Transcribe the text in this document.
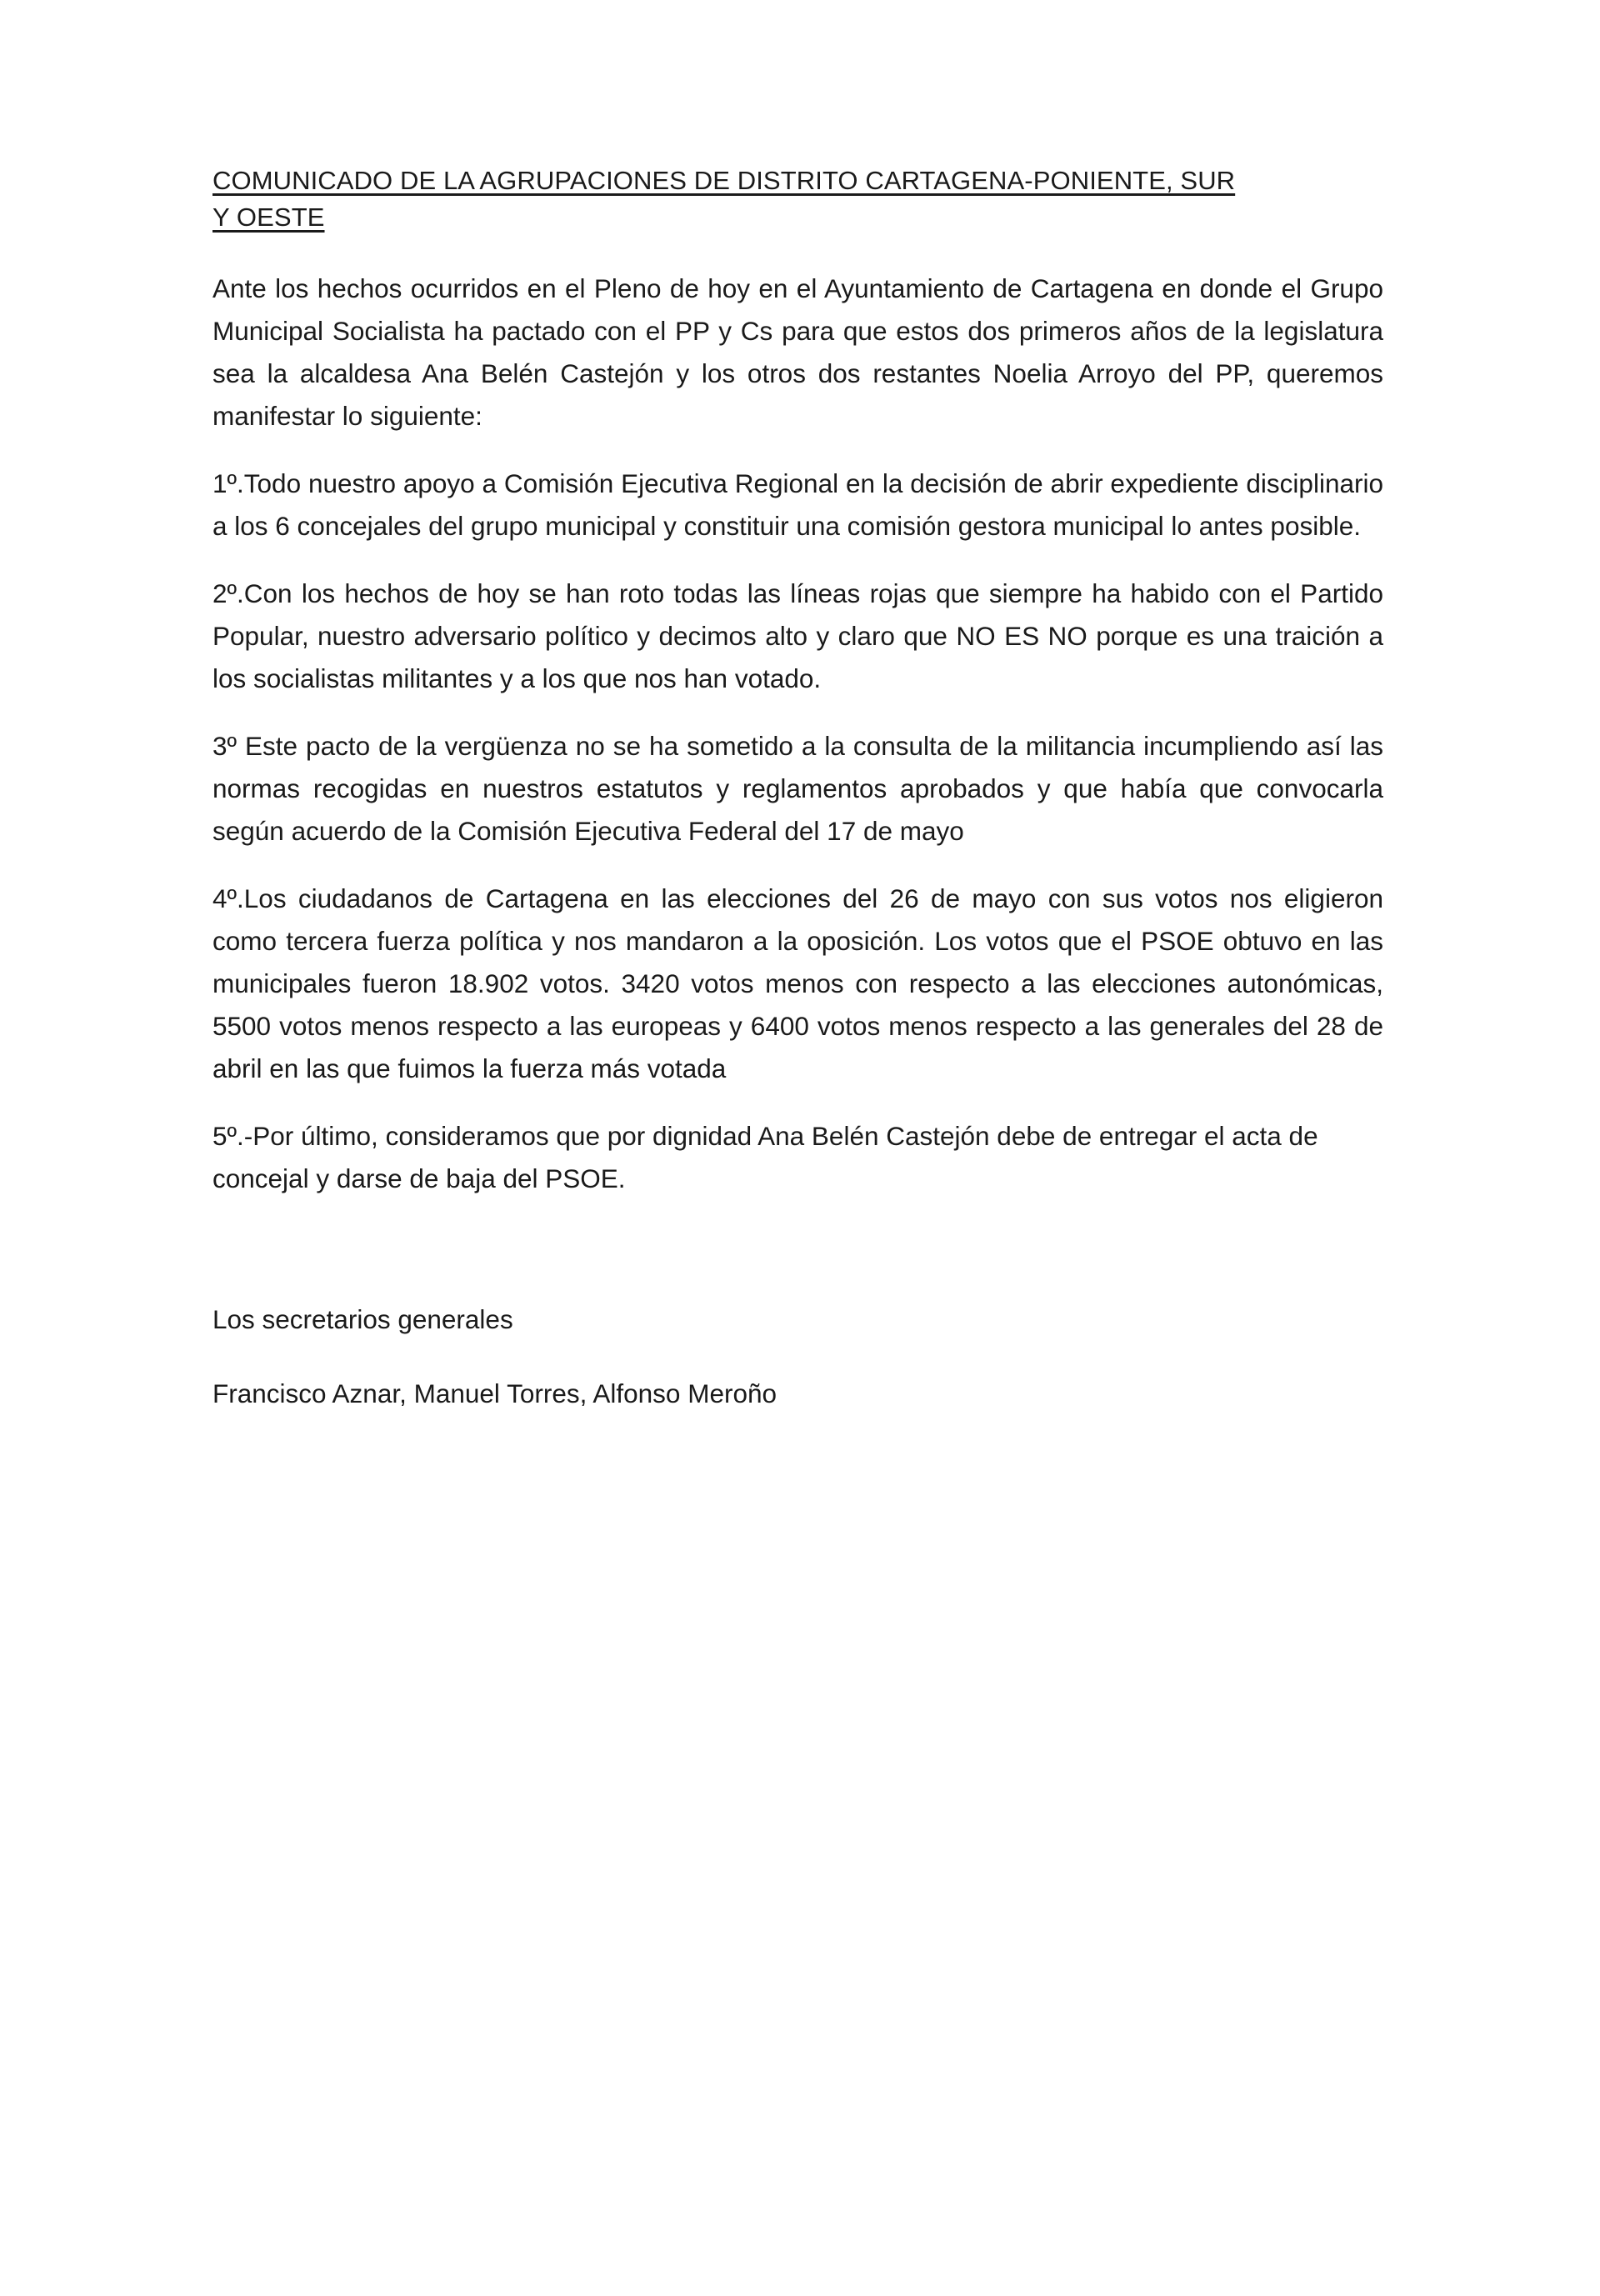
COMUNICADO DE LA AGRUPACIONES DE DISTRITO CARTAGENA-PONIENTE, SUR Y OESTE

Ante los hechos ocurridos en el Pleno de hoy en el Ayuntamiento de Cartagena en donde el Grupo Municipal Socialista ha pactado con el PP y Cs para que estos dos primeros años de la legislatura sea la alcaldesa Ana Belén Castejón y los otros dos restantes Noelia Arroyo del PP, queremos manifestar lo siguiente:

1º.Todo nuestro apoyo a Comisión Ejecutiva Regional en la decisión de abrir expediente disciplinario a los 6 concejales del grupo municipal y constituir una comisión gestora municipal lo antes posible.

2º.Con los hechos de hoy se han roto todas las líneas rojas que siempre ha habido con el Partido Popular, nuestro adversario político y decimos alto y claro que NO ES NO porque es una traición a los socialistas militantes y a los que nos han votado.

3º Este pacto de la vergüenza no se ha sometido a la consulta de la militancia incumpliendo así las normas recogidas en nuestros estatutos y reglamentos aprobados y que había que convocarla según acuerdo de la Comisión Ejecutiva Federal del 17 de mayo

4º.Los ciudadanos de Cartagena en las elecciones del 26 de mayo con sus votos nos eligieron como tercera fuerza política y nos mandaron a la oposición. Los votos que el PSOE obtuvo en las municipales fueron 18.902 votos. 3420 votos menos con respecto a las elecciones autonómicas, 5500 votos menos respecto a las europeas y 6400 votos menos respecto a las generales del 28 de abril en las que fuimos la fuerza más votada

5º.-Por último, consideramos que por dignidad Ana Belén Castejón debe de entregar el acta de concejal y darse de baja del PSOE.

Los secretarios generales

Francisco Aznar, Manuel Torres, Alfonso Meroño
